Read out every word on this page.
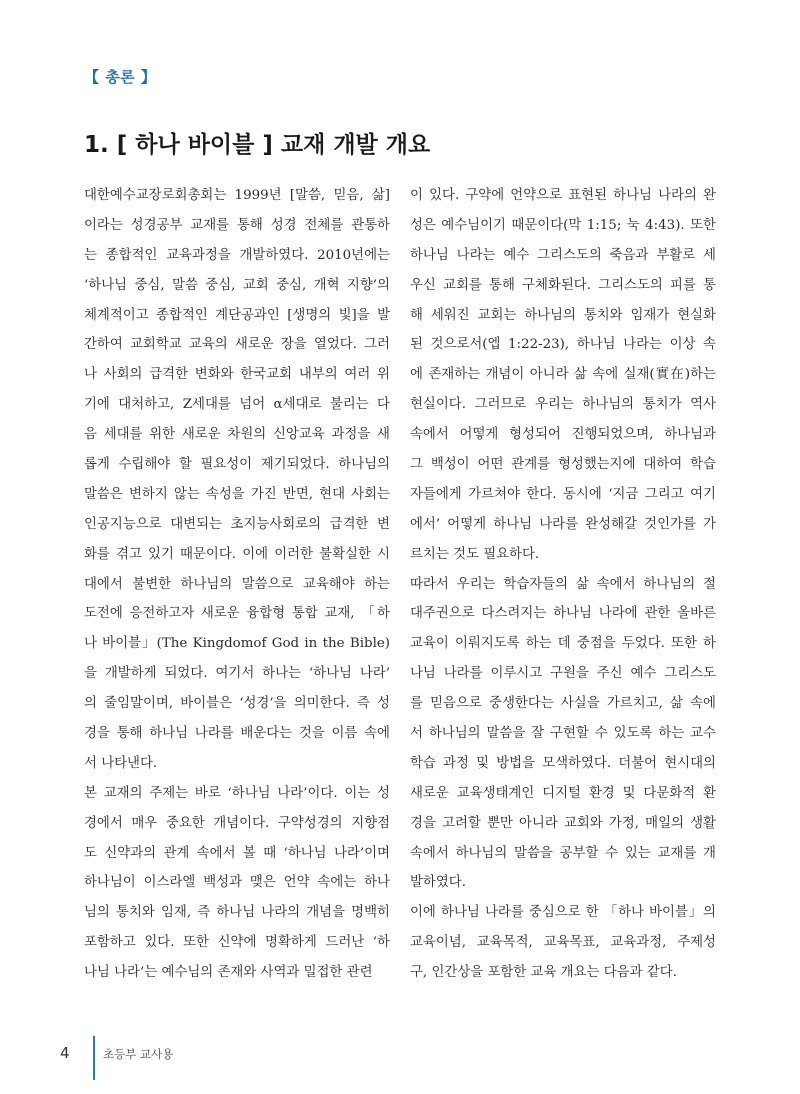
【 총론 】
1. [ 하나 바이블 ] 교재 개발 개요
대한예수교장로회총회는 1999년 [말씀, 믿음, 삶]
이라는 성경공부 교재를 통해 성경 전체를 관통하
는 종합적인 교육과정을 개발하였다. 2010년에는
‘하나님 중심, 말씀 중심, 교회 중심, 개혁 지향’의
체계적이고 종합적인 계단공과인 [생명의 빛]을 발
간하여 교회학교 교육의 새로운 장을 열었다. 그러
나 사회의 급격한 변화와 한국교회 내부의 여러 위
기에 대처하고, Z세대를 넘어 α세대로 불리는 다
음 세대를 위한 새로운 차원의 신앙교육 과정을 새
롭게 수립해야 할 필요성이 제기되었다. 하나님의
말씀은 변하지 않는 속성을 가진 반면, 현대 사회는
인공지능으로 대변되는 초지능사회로의 급격한 변
화를 겪고 있기 때문이다. 이에 이러한 불확실한 시
대에서 불변한 하나님의 말씀으로 교육해야 하는
도전에 응전하고자 새로운 융합형 통합 교재, 「하
나 바이블」(The Kingdomof God in the Bible)
을 개발하게 되었다. 여기서 하나는 ‘하나님 나라’
의 줄임말이며, 바이블은 ‘성경’을 의미한다. 즉 성
경을 통해 하나님 나라를 배운다는 것을 이름 속에
서 나타낸다.
본 교재의 주제는 바로 ‘하나님 나라’이다. 이는 성
경에서 매우 중요한 개념이다. 구약성경의 지향점
도 신약과의 관계 속에서 볼 때 ‘하나님 나라’이며
하나님이 이스라엘 백성과 맺은 언약 속에는 하나
님의 통치와 임재, 즉 하나님 나라의 개념을 명백히
포함하고 있다. 또한 신약에 명확하게 드러난 ‘하
나님 나라’는 예수님의 존재와 사역과 밀접한 관련
이 있다. 구약에 언약으로 표현된 하나님 나라의 완
성은 예수님이기 때문이다(막 1:15; 눅 4:43). 또한
하나님 나라는 예수 그리스도의 죽음과 부활로 세
우신 교회를 통해 구체화된다. 그리스도의 피를 통
해 세워진 교회는 하나님의 통치와 임재가 현실화
된 것으로서(엡 1:22-23), 하나님 나라는 이상 속
에 존재하는 개념이 아니라 삶 속에 실재(實在)하는
현실이다. 그러므로 우리는 하나님의 통치가 역사
속에서 어떻게 형성되어 진행되었으며, 하나님과
그 백성이 어떤 관계를 형성했는지에 대하여 학습
자들에게 가르쳐야 한다. 동시에 ‘지금 그리고 여기
에서’ 어떻게 하나님 나라를 완성해갈 것인가를 가
르치는 것도 필요하다.
따라서 우리는 학습자들의 삶 속에서 하나님의 절
대주권으로 다스려지는 하나님 나라에 관한 올바른
교육이 이뤄지도록 하는 데 중점을 두었다. 또한 하
나님 나라를 이루시고 구원을 주신 예수 그리스도
를 믿음으로 중생한다는 사실을 가르치고, 삶 속에
서 하나님의 말씀을 잘 구현할 수 있도록 하는 교수
학습 과정 및 방법을 모색하였다. 더불어 현시대의
새로운 교육생태계인 디지털 환경 및 다문화적 환
경을 고려할 뿐만 아니라 교회와 가정, 매일의 생활
속에서 하나님의 말씀을 공부할 수 있는 교재를 개
발하였다.
이에 하나님 나라를 중심으로 한 「하나 바이블」의
교육이념, 교육목적, 교육목표, 교육과정, 주제성
구, 인간상을 포함한 교육 개요는 다음과 같다.
4	초등부 교사용
